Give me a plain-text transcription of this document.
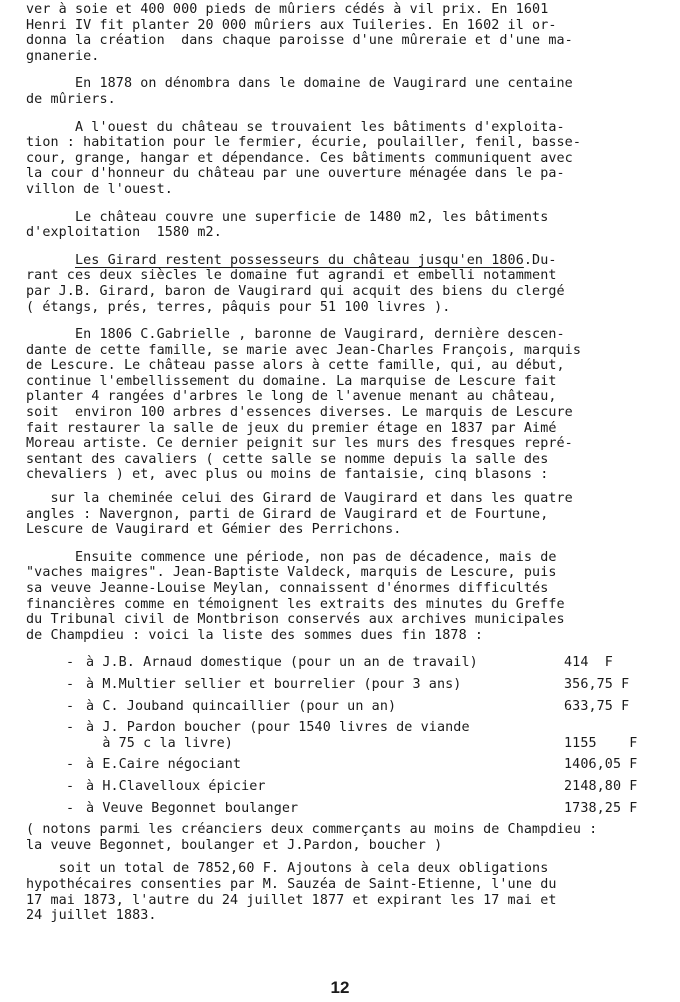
ver à soie et 400 000 pieds de mûriers cédés à vil prix. En 1601

Henri IV fit planter 20 000 mûriers aux Tuileries. En 1602 il or-

donna la création  dans chaque paroisse d'une mûreraie et d'une ma-

gnanerie.

En 1878 on dénombra dans le domaine de Vaugirard une centaine

de mûriers.

A l'ouest du château se trouvaient les bâtiments d'exploita-

tion : habitation pour le fermier, écurie, poulailler, fenil, basse-

cour, grange, hangar et dépendance. Ces bâtiments communiquent avec

la cour d'honneur du château par une ouverture ménagée dans le pa-

villon de l'ouest.

Le château couvre une superficie de 1480 m2, les bâtiments

d'exploitation  1580 m2.

Les Girard restent possesseurs du château jusqu'en 1806.Du-

rant ces deux siècles le domaine fut agrandi et embelli notamment

par J.B. Girard, baron de Vaugirard qui acquit des biens du clergé

( étangs, prés, terres, pâquis pour 51 100 livres ).

En 1806 C.Gabrielle , baronne de Vaugirard, dernière descen-

dante de cette famille, se marie avec Jean-Charles François, marquis

de Lescure. Le château passe alors à cette famille, qui, au début,

continue l'embellissement du domaine. La marquise de Lescure fait

planter 4 rangées d'arbres le long de l'avenue menant au château,

soit  environ 100 arbres d'essences diverses. Le marquis de Lescure

fait restaurer la salle de jeux du premier étage en 1837 par Aimé

Moreau artiste. Ce dernier peignit sur les murs des fresques repré-

sentant des cavaliers ( cette salle se nomme depuis la salle des

chevaliers ) et, avec plus ou moins de fantaisie, cinq blasons :

sur la cheminée celui des Girard de Vaugirard et dans les quatre

angles : Navergnon, parti de Girard de Vaugirard et de Fourtune,

Lescure de Vaugirard et Gémier des Perrichons.

Ensuite commence une période, non pas de décadence, mais de

"vaches maigres". Jean-Baptiste Valdeck, marquis de Lescure, puis

sa veuve Jeanne-Louise Meylan, connaissent d'énormes difficultés

financières comme en témoignent les extraits des minutes du Greffe

du Tribunal civil de Montbrison conservés aux archives municipales

de Champdieu : voici la liste des sommes dues fin 1878 :

- à J.B. Arnaud domestique (pour un an de travail)	414  F
- à M.Multier sellier et bourrelier (pour 3 ans)	356,75 F
- à C. Jouband quincaillier (pour un an)	633,75 F
- à J. Pardon boucher (pour 1540 livres de viande
à 75 c la livre)	
1155    F
- à E.Caire négociant	1406,05 F
- à H.Clavelloux épicier	2148,80 F
- à Veuve Begonnet boulanger	1738,25 F

( notons parmi les créanciers deux commerçants au moins de Champdieu :

la veuve Begonnet, boulanger et J.Pardon, boucher )

soit un total de 7852,60 F. Ajoutons à cela deux obligations

hypothécaires consenties par M. Sauzéa de Saint-Etienne, l'une du

17 mai 1873, l'autre du 24 juillet 1877 et expirant les 17 mai et

24 juillet 1883.

12
